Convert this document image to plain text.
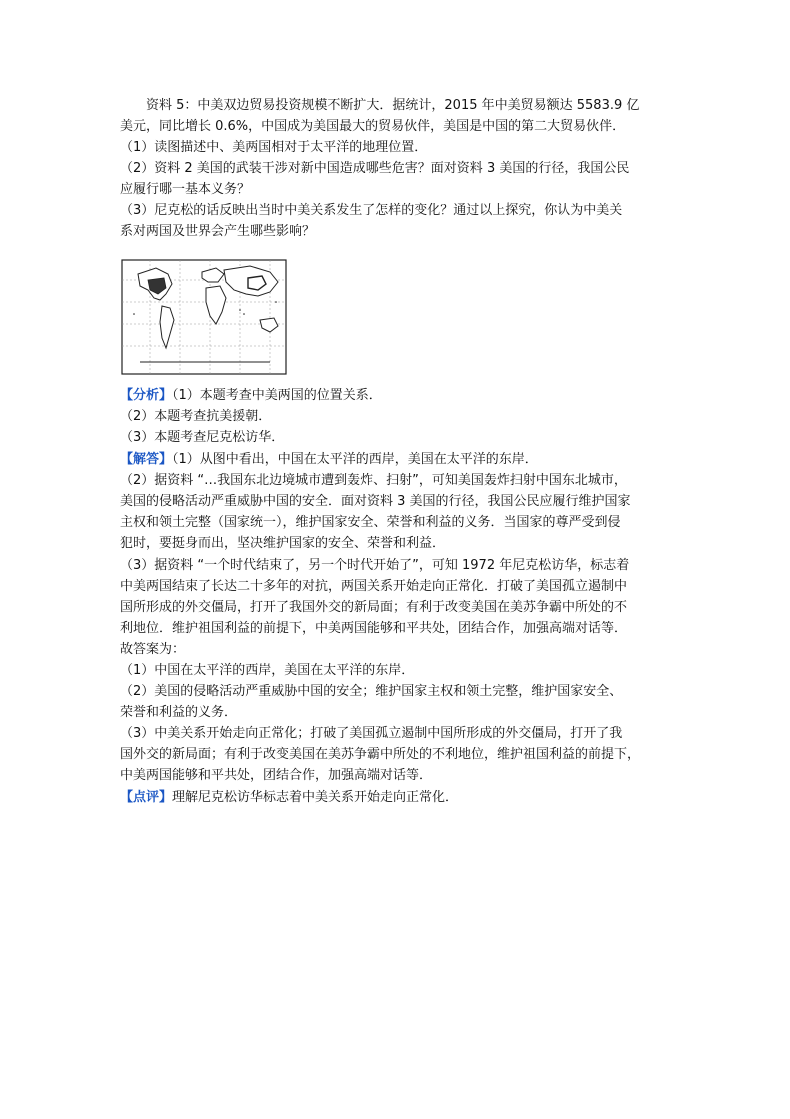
资料 5：中美双边贸易投资规模不断扩大．据统计，2015 年中美贸易额达 5583.9 亿
美元，同比增长 0.6%，中国成为美国最大的贸易伙伴，美国是中国的第二大贸易伙伴．
（1）读图描述中、美两国相对于太平洋的地理位置．
（2）资料 2 美国的武装干涉对新中国造成哪些危害？面对资料 3 美国的行径，我国公民
应履行哪一基本义务？
（3）尼克松的话反映出当时中美关系发生了怎样的变化？通过以上探究，你认为中美关
系对两国及世界会产生哪些影响？
【分析】（1）本题考查中美两国的位置关系．
（2）本题考查抗美援朝．
（3）本题考查尼克松访华．
【解答】（1）从图中看出，中国在太平洋的西岸，美国在太平洋的东岸．
（2）据资料 “…我国东北边境城市遭到轰炸、扫射”，可知美国轰炸扫射中国东北城市，
美国的侵略活动严重威胁中国的安全．面对资料 3 美国的行径，我国公民应履行维护国家
主权和领土完整（国家统一），维护国家安全、荣誉和利益的义务．当国家的尊严受到侵
犯时，要挺身而出，坚决维护国家的安全、荣誉和利益．
（3）据资料 “一个时代结束了，另一个时代开始了”，可知 1972 年尼克松访华，标志着
中美两国结束了长达二十多年的对抗，两国关系开始走向正常化．打破了美国孤立遏制中
国所形成的外交僵局，打开了我国外交的新局面；有利于改变美国在美苏争霸中所处的不
利地位．维护祖国利益的前提下，中美两国能够和平共处，团结合作，加强高端对话等．
故答案为：
（1）中国在太平洋的西岸，美国在太平洋的东岸．
（2）美国的侵略活动严重威胁中国的安全；维护国家主权和领土完整，维护国家安全、
荣誉和利益的义务．
（3）中美关系开始走向正常化；打破了美国孤立遏制中国所形成的外交僵局，打开了我
国外交的新局面；有利于改变美国在美苏争霸中所处的不利地位，维护祖国利益的前提下，
中美两国能够和平共处，团结合作，加强高端对话等．
【点评】理解尼克松访华标志着中美关系开始走向正常化．
